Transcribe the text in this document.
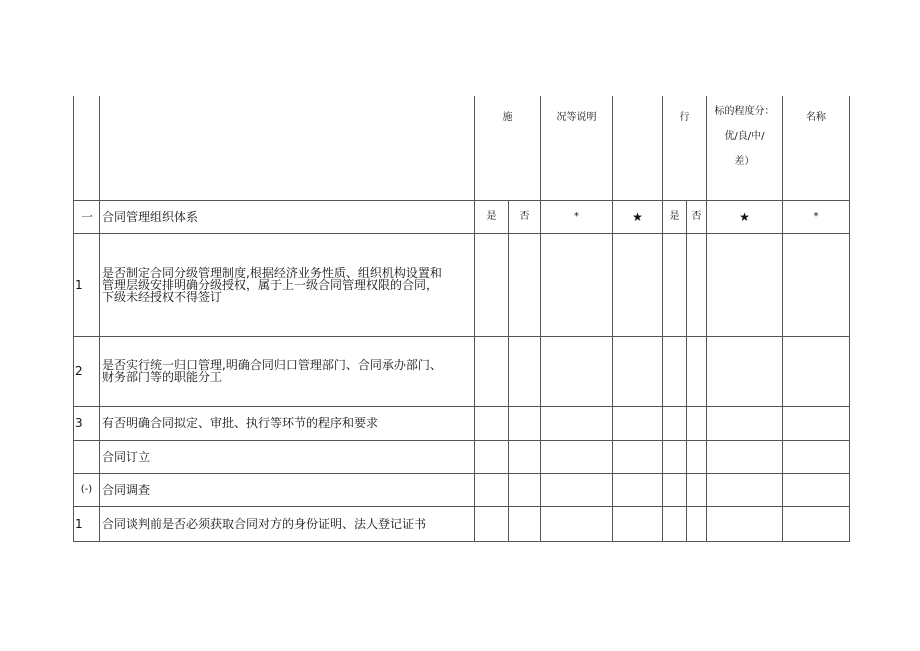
		施		况等说明		行		标的程度分：
优/良/中/
差）	名称

一	合同管理组织体系	是	否	*	★	是	否	★	*
1	是否制定合同分级管理制度,根据经济业务性质、组织机构设置和
管理层级安排明确分级授权，属于上一级合同管理权限的合同，
下级未经授权不得签订								

2	是否实行统一归口管理,明确合同归口管理部门、合同承办部门、
财务部门等的职能分工								

3	有否明确合同拟定、审批、执行等环节的程序和要求								
	合同订立								
(-)	合同调查								
1	合同谈判前是否必须获取合同对方的身份证明、法人登记证书								
